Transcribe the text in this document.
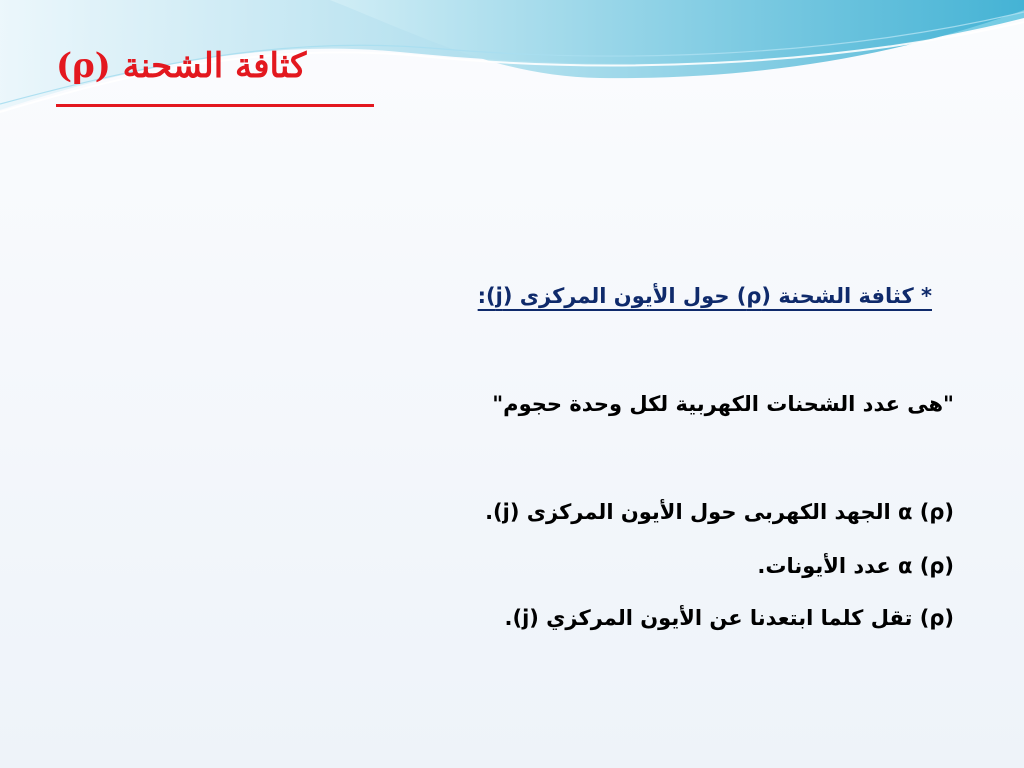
كثافة الشحنة (ρ)
* كثافة الشحنة (ρ) حول الأيون المركزى (j):
"هى عدد الشحنات الكهربية لكل وحدة حجوم"
(ρ) α الجهد الكهربى حول الأيون المركزى (j).
(ρ) α عدد الأيونات.
(ρ) تقل كلما ابتعدنا عن الأيون المركزي (j).
